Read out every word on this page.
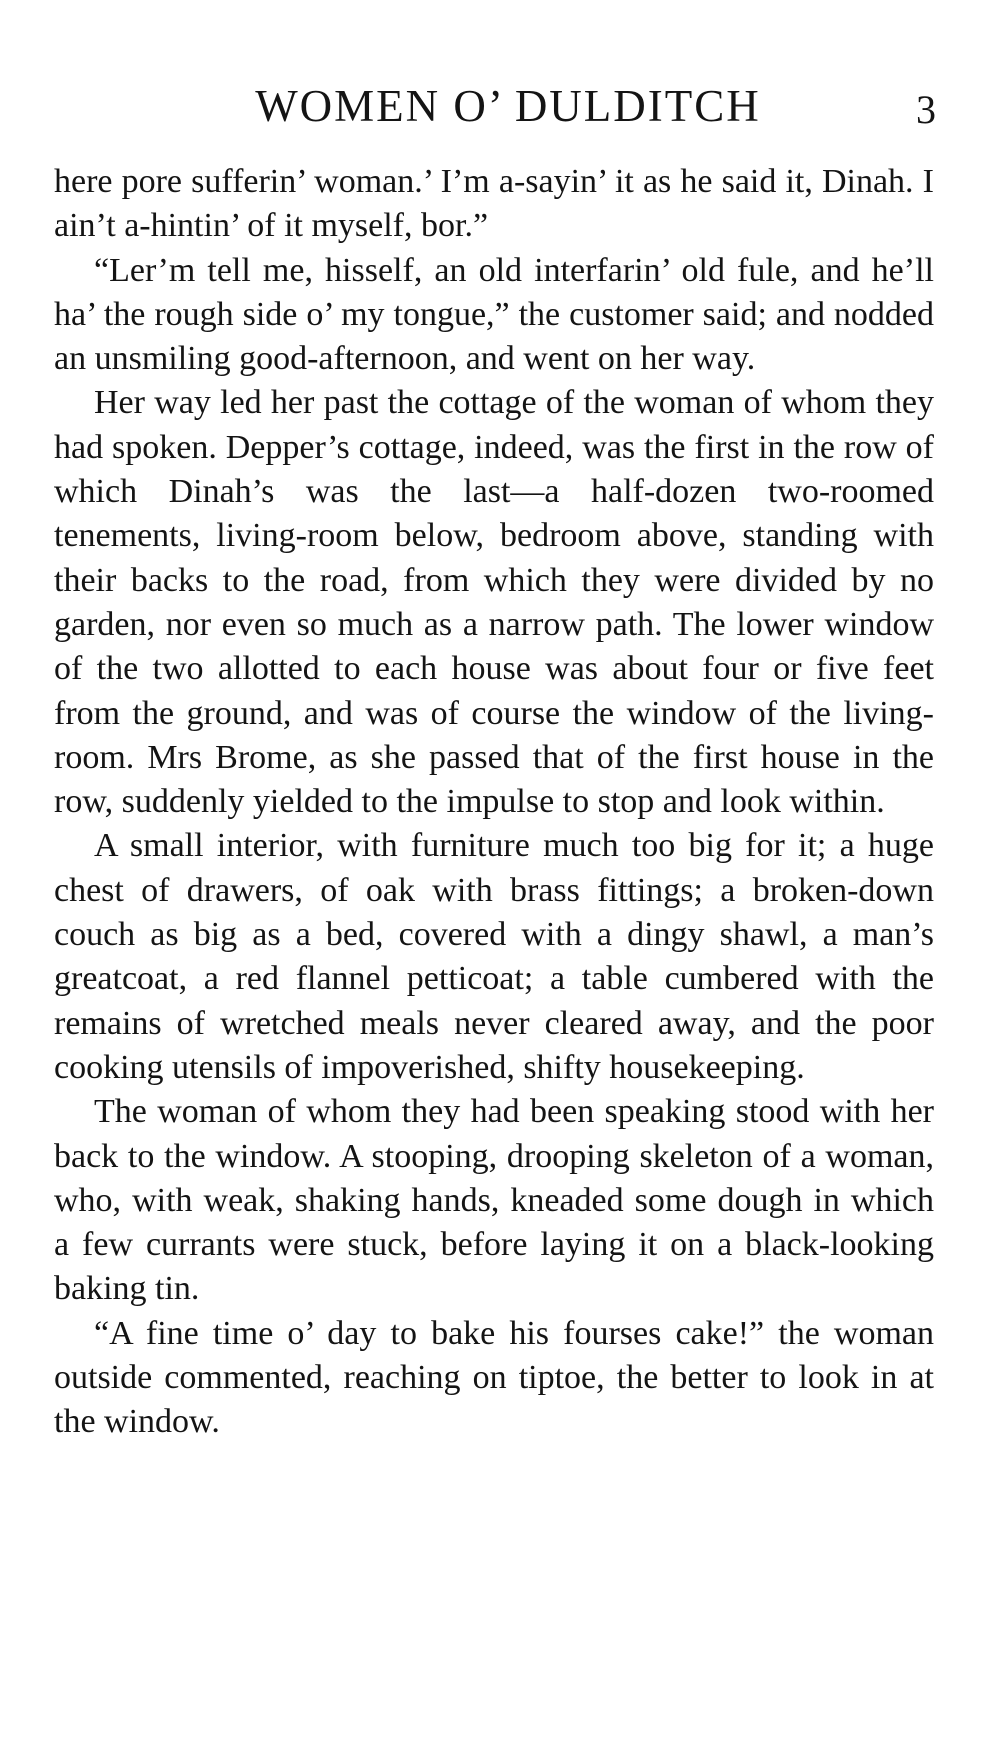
WOMEN O’ DULDITCH	3

here pore sufferin’ woman.’ I’m a-sayin’ it as he said it, Dinah. I ain’t a-hintin’ of it myself, bor.”

“Ler’m tell me, hisself, an old interfarin’ old fule, and he’ll ha’ the rough side o’ my tongue,” the customer said; and nodded an unsmiling good-afternoon, and went on her way.

Her way led her past the cottage of the woman of whom they had spoken. Depper’s cottage, indeed, was the first in the row of which Dinah’s was the last—a half-dozen two-roomed tenements, living-room below, bedroom above, standing with their backs to the road, from which they were divided by no garden, nor even so much as a narrow path. The lower window of the two allotted to each house was about four or five feet from the ground, and was of course the window of the living-room. Mrs Brome, as she passed that of the first house in the row, suddenly yielded to the impulse to stop and look within.

A small interior, with furniture much too big for it; a huge chest of drawers, of oak with brass fittings; a broken-down couch as big as a bed, covered with a dingy shawl, a man’s greatcoat, a red flannel petticoat; a table cumbered with the remains of wretched meals never cleared away, and the poor cooking utensils of impoverished, shifty housekeeping.

The woman of whom they had been speaking stood with her back to the window. A stooping, drooping skeleton of a woman, who, with weak, shaking hands, kneaded some dough in which a few currants were stuck, before laying it on a black-looking baking tin.

“A fine time o’ day to bake his fourses cake!” the woman outside commented, reaching on tiptoe, the better to look in at the window.
